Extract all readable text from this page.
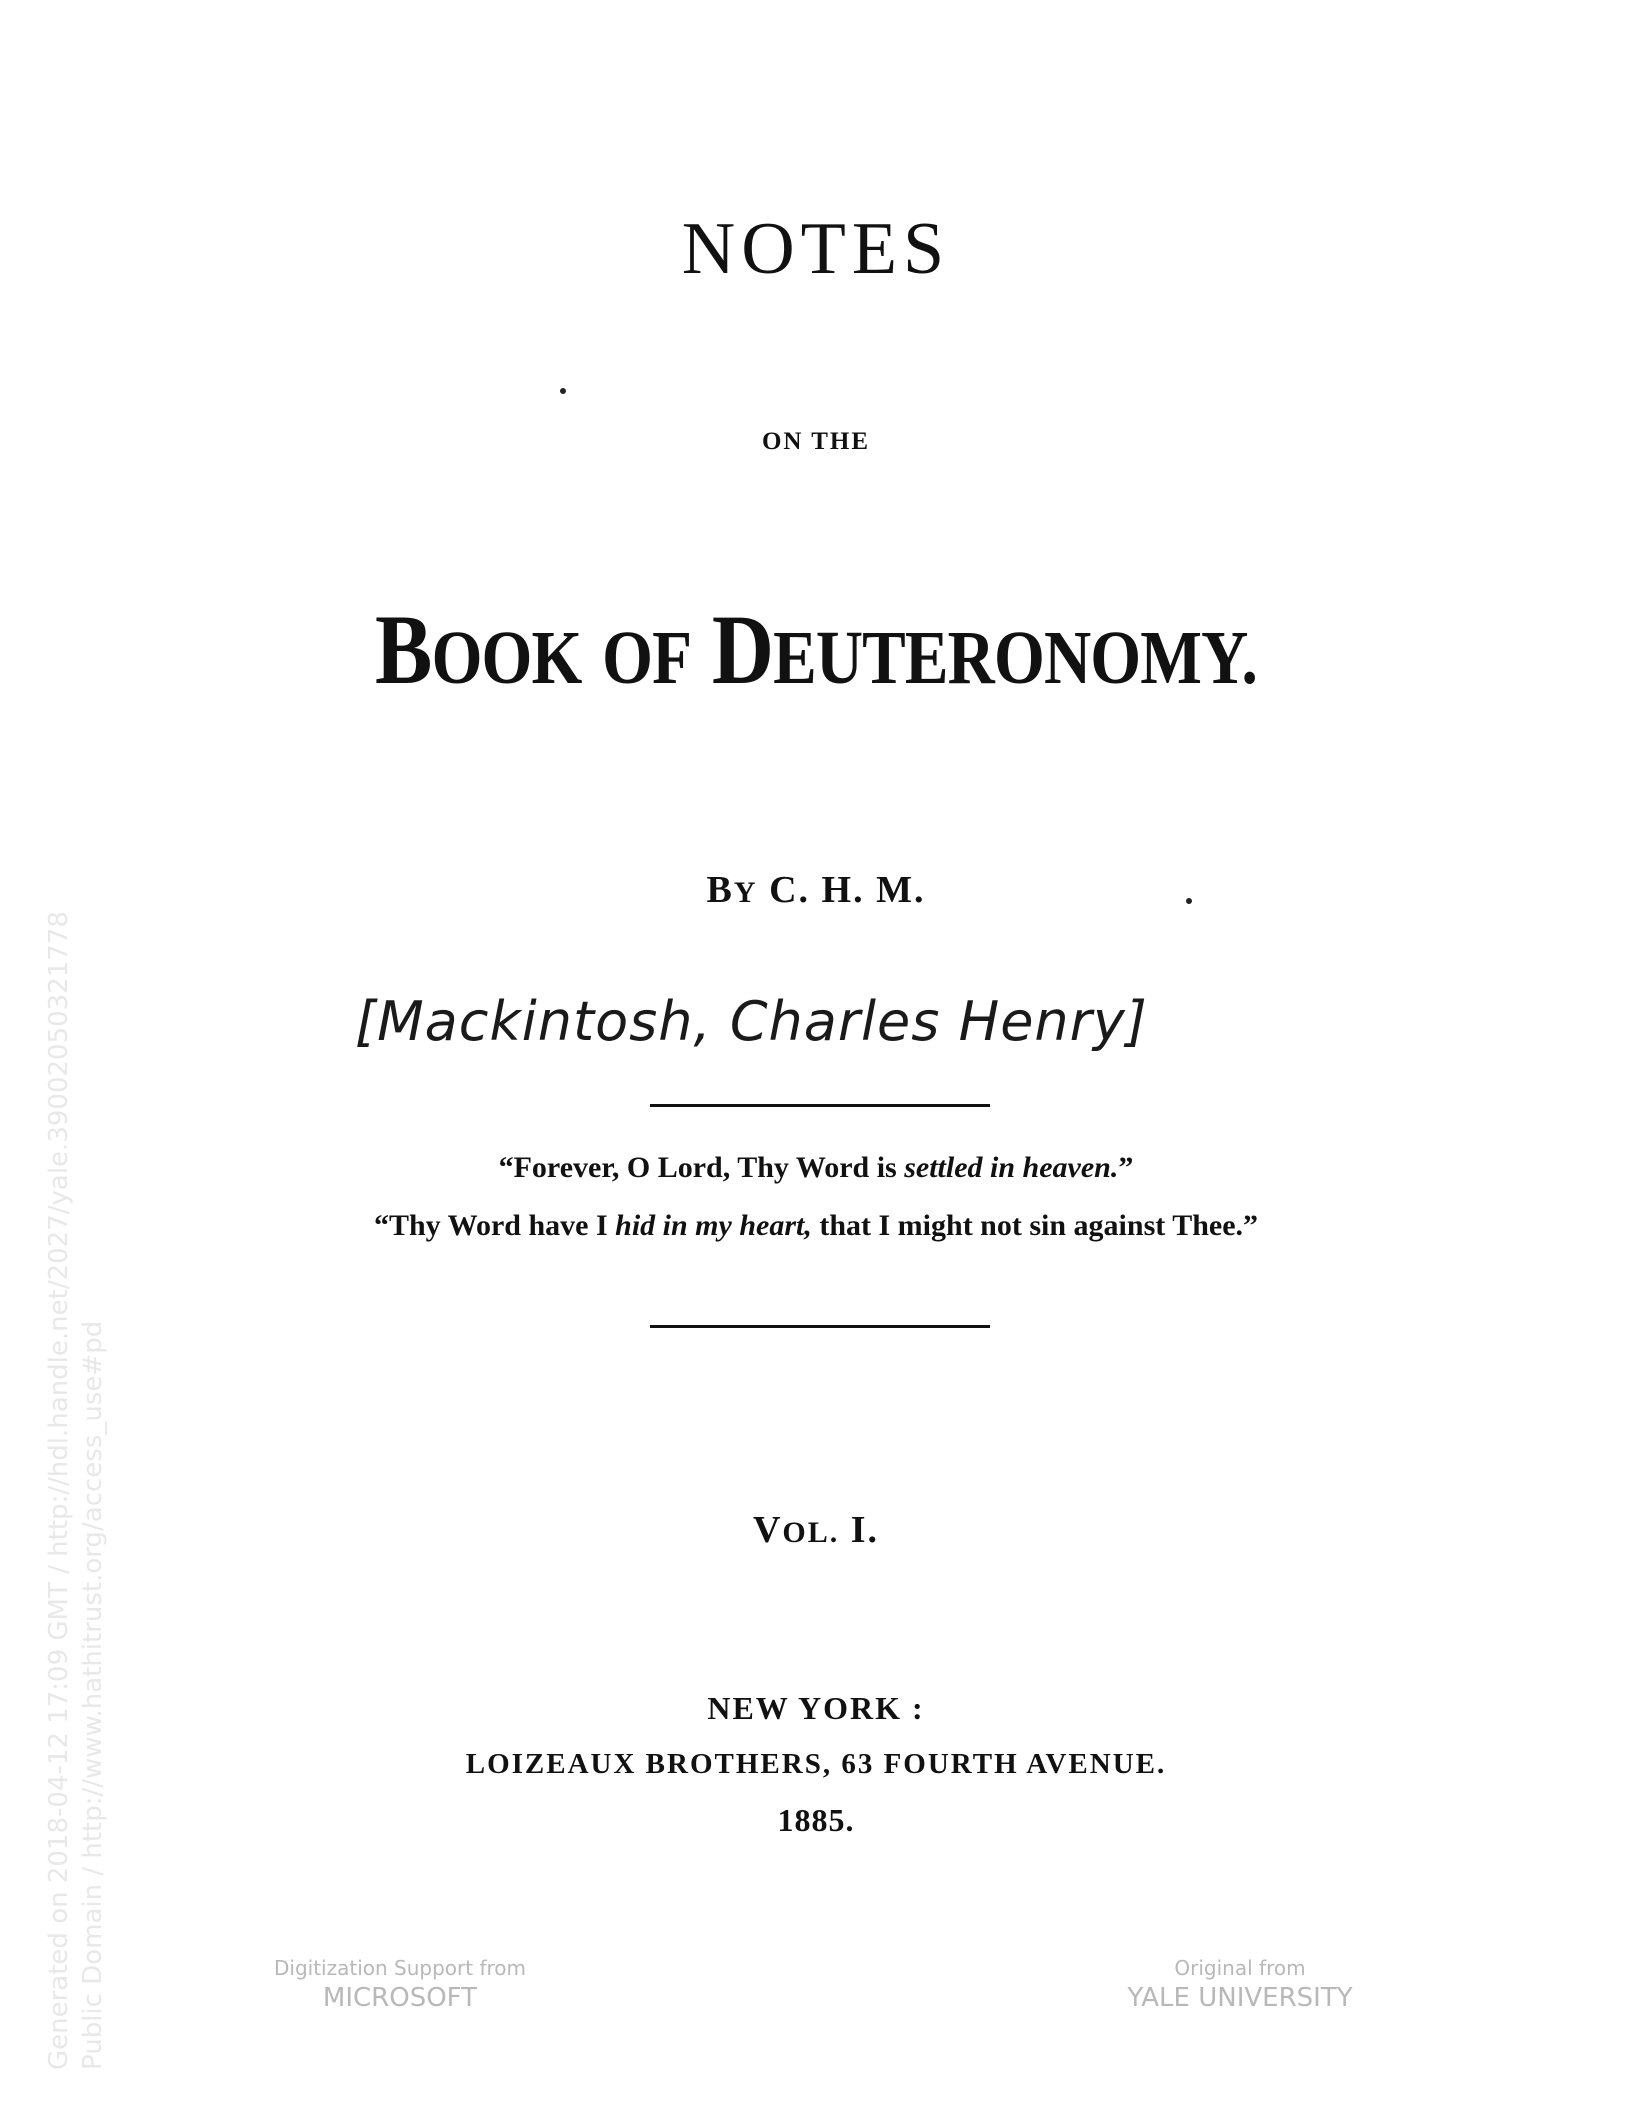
NOTES
ON THE
BOOK OF DEUTERONOMY.
BY C. H. M.
[Mackintosh, Charles Henry]
“Forever, O Lord, Thy Word is settled in heaven.”
“Thy Word have I hid in my heart, that I might not sin against Thee.”
VOL. I.
NEW YORK :
LOIZEAUX BROTHERS, 63 FOURTH AVENUE.
1885.
Digitization Support from
MICROSOFT
Original from
YALE UNIVERSITY
Generated on 2018-04-12 17:09 GMT / http://hdl.handle.net/2027/yale.39002050321778 Public Domain / http://www.hathitrust.org/access_use#pd
